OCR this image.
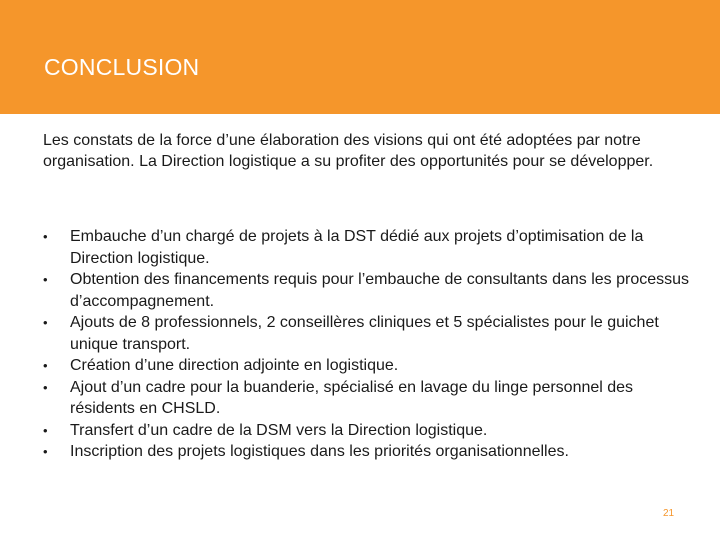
CONCLUSION

Les constats de la force d’une élaboration des visions qui ont été adoptées par notre organisation. La Direction logistique a su profiter des opportunités pour se développer.

•	Embauche d’un chargé de projets à la DST dédié aux projets d’optimisation de la Direction logistique.
•	Obtention des financements requis pour l’embauche de consultants dans les processus d’accompagnement.
•	Ajouts de 8 professionnels, 2 conseillères cliniques et 5 spécialistes pour le guichet unique transport.
•	Création d’une direction adjointe en logistique.
•	Ajout d’un cadre pour la buanderie, spécialisé en lavage du linge personnel des résidents en CHSLD.
•	Transfert d’un cadre de la DSM vers la Direction logistique.
•	Inscription des projets logistiques dans les priorités organisationnelles.
21
